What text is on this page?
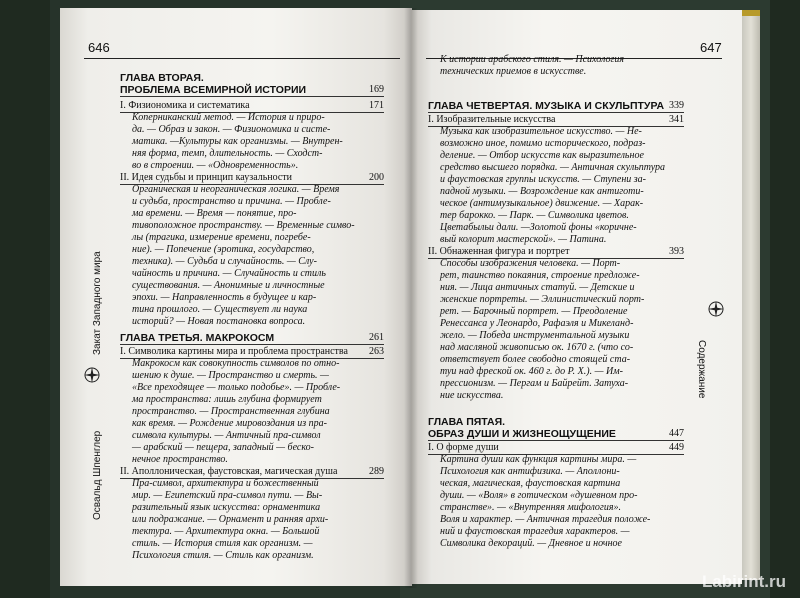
646	647
Освальд Шпенглер
Закат Западного мира
Содержание
ГЛАВА ВТОРАЯ.
ПРОБЛЕМА ВСЕМИРНОЙ ИСТОРИИ	169
I. Физиономика и систематика	171
Коперниканский метод. — История и приро-
да. — Образ и закон. — Физиономика и систе-
матика. —Культуры как организмы. — Внутрен-
няя форма, темп, длительность. — Сходст-
во в строении. — «Одновременность».
II. Идея судьбы и принцип каузальности	200
Органическая и неорганическая логика. — Время
и судьба, пространство и причина. — Пробле-
ма времени. — Время — понятие, про-
тивоположное пространству. — Временные симво-
лы (трагика, измерение времени, погребе-
ние). — Попечение (эротика, государство,
техника). — Судьба и случайность. — Слу-
чайность и причина. — Случайность и стиль
существования. — Анонимные и личностные
эпохи. — Направленность в будущее и кар-
тина прошлого. — Существует ли наука
историй? — Новая постановка вопроса.
ГЛАВА ТРЕТЬЯ. МАКРОКОСМ	261
I. Символика картины мира и проблема пространства	263
Макрокосм как совокупность символов по отно-
шению к душе. — Пространство и смерть. —
«Все преходящее — только подобье». — Пробле-
ма пространства: лишь глубина формирует
пространство. — Пространственная глубина
как время. — Рождение мировоздания из пра-
символа культуры. — Античный пра-символ
— арабский — пещера, западный — беско-
нечное пространство.
II. Аполлоническая, фаустовская, магическая душа	289
Пра-символ, архитектура и божественный
мир. — Египетский пра-символ пути. — Вы-
разительный язык искусства: орнаментика
или подражание. — Орнамент и ранняя архи-
тектура. — Архитектура окна. — Большой
стиль. — История стиля как организм. —
Психология стиля. — Стиль как организм.
К истории арабского стиля. — Психология
технических приемов в искусстве.
ГЛАВА ЧЕТВЕРТАЯ. МУЗЫКА И СКУЛЬПТУРА 339
I. Изобразительные искусства	341
Музыка как изобразительное искусство. — Не-
возможно иное, помимо исторического, подраз-
деление. — Отбор искусств как выразительное
средство высшего порядка. — Античная скульптура
и фаустовская группы искусств. — Ступени за-
падной музыки. — Возрождение как антиготи-
ческое (антимузыкальное) движение. — Харак-
тер барокко. — Парк. — Символика цветов.
Цветабыльи дали. —Золотой фоны «коричне-
вый колорит мастерской». — Патина.
II. Обнаженная фигура и портрет	393
Способы изображения человека. — Порт-
рет, таинство покаяния, строение предложе-
ния. — Лица античных статуй. — Детские и
женские портреты. — Эллинистический порт-
рет. — Барочный портрет. — Преодоление
Ренессанса у Леонардо, Рафаэля и Микеланд-
жело. — Победа инструментальной музыки
над масляной живописью ок. 1670 г. (что со-
ответствует более свободно стоящей ста-
туи над фреской ок. 460 г. до Р. Х.). — Им-
прессионизм. — Пергам и Байрейт. Затуха-
ние искусства.
ГЛАВА ПЯТАЯ.
ОБРАЗ ДУШИ И ЖИЗНЕОЩУЩЕНИЕ	447
I. О форме души	449
Картина души как функция картины мира. —
Психология как антифизика. — Аполлони-
ческая, магическая, фаустовская картина
души. — «Воля» в готическом «душевном про-
странстве». — «Внутренняя мифология».
Воля и характер. — Античная трагедия положе-
ний и фаустовская трагедия характеров. —
Символика декораций. — Дневное и ночное
Labirint.ru
